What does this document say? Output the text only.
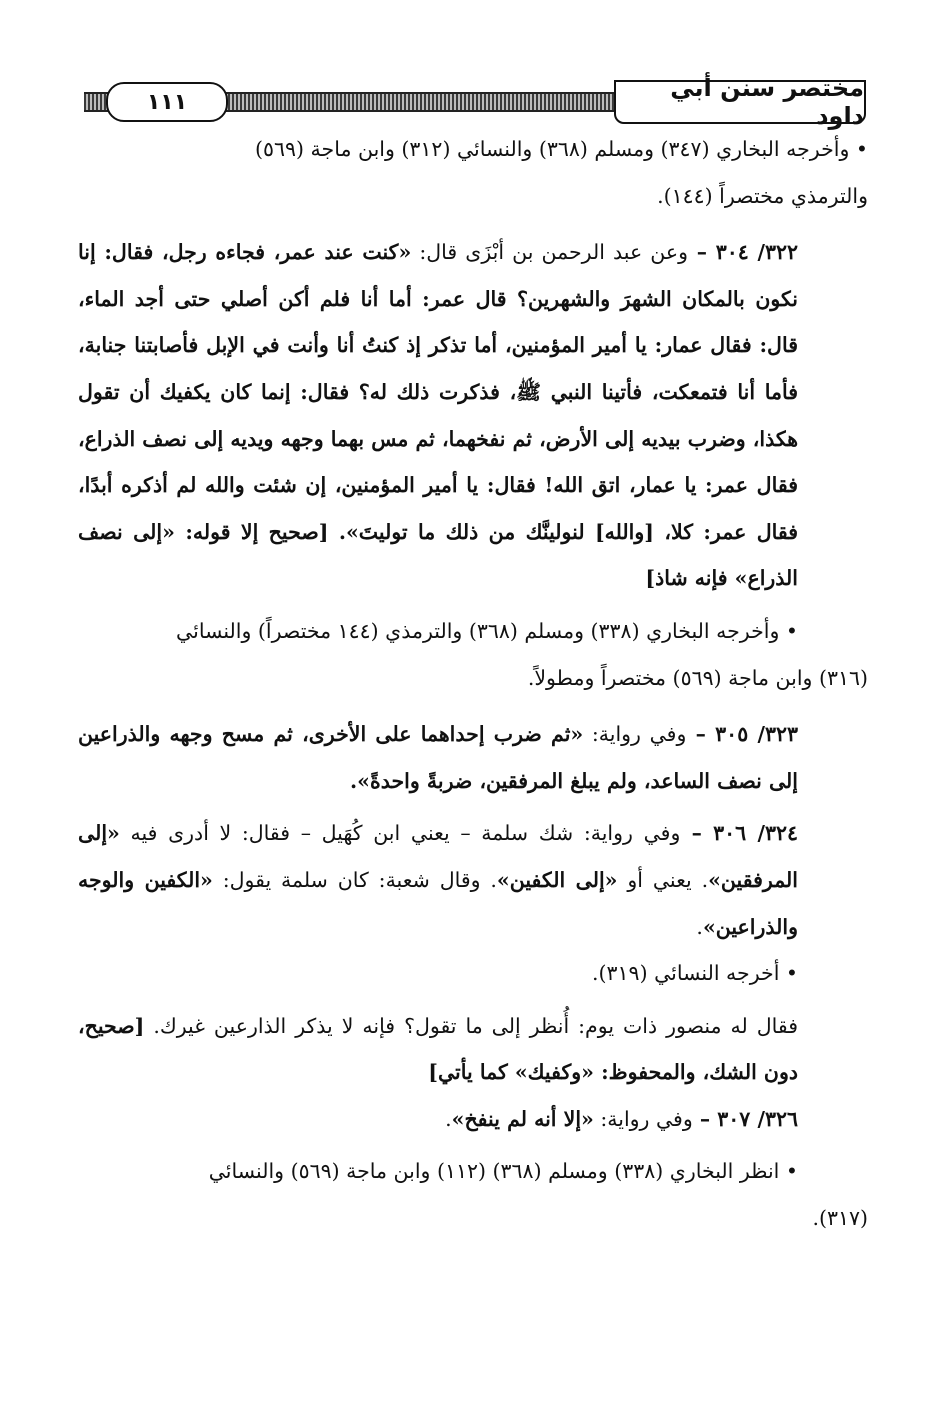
١١١	مختصر سنن أبي داود

• وأخرجه البخاري (٣٤٧) ومسلم (٣٦٨) والنسائي (٣١٢) وابن ماجة (٥٦٩)
والترمذي مختصراً (١٤٤).

٣٢٢/ ٣٠٤ – وعن عبد الرحمن بن أبْزَى قال: «كنت عند عمر، فجاءه رجل، فقال: إنا نكون بالمكان الشهرَ والشهرين؟ قال عمر: أما أنا فلم أكن أصلي حتى أجد الماء، قال: فقال عمار: يا أمير المؤمنين، أما تذكر إذ كنتُ أنا وأنت في الإبل فأصابتنا جنابة، فأما أنا فتمعكت، فأتينا النبي ﷺ، فذكرت ذلك له؟ فقال: إنما كان يكفيك أن تقول هكذا، وضرب بيديه إلى الأرض، ثم نفخهما، ثم مس بهما وجهه ويديه إلى نصف الذراع، فقال عمر: يا عمار، اتق الله! فقال: يا أمير المؤمنين، إن شئت والله لم أذكره أبدًا، فقال عمر: كلا، [والله] لنولينَّك من ذلك ما توليتَ». [صحيح إلا قوله: «إلى نصف الذراع» فإنه شاذ]

• وأخرجه البخاري (٣٣٨) ومسلم (٣٦٨) والترمذي (١٤٤ مختصراً) والنسائي
(٣١٦) وابن ماجة (٥٦٩) مختصراً ومطولاً.

٣٢٣/ ٣٠٥ – وفي رواية: «ثم ضرب إحداهما على الأخرى، ثم مسح وجهه والذراعين إلى نصف الساعد، ولم يبلغ المرفقين، ضربةً واحدةً».

٣٢٤/ ٣٠٦ – وفي رواية: شك سلمة – يعني ابن كُهَيل – فقال: لا أدرى فيه «إلى المرفقين». يعني أو «إلى الكفين». وقال شعبة: كان سلمة يقول: «الكفين والوجه والذراعين».

• أخرجه النسائي (٣١٩).

فقال له منصور ذات يوم: أُنظر إلى ما تقول؟ فإنه لا يذكر الذارعين غيرك. [صحيح، دون الشك، والمحفوظ: «وكفيك» كما يأتي]

٣٢٦/ ٣٠٧ – وفي رواية: «إلا أنه لم ينفخ».

• انظر البخاري (٣٣٨) ومسلم (٣٦٨) (١١٢) وابن ماجة (٥٦٩) والنسائي
(٣١٧).
